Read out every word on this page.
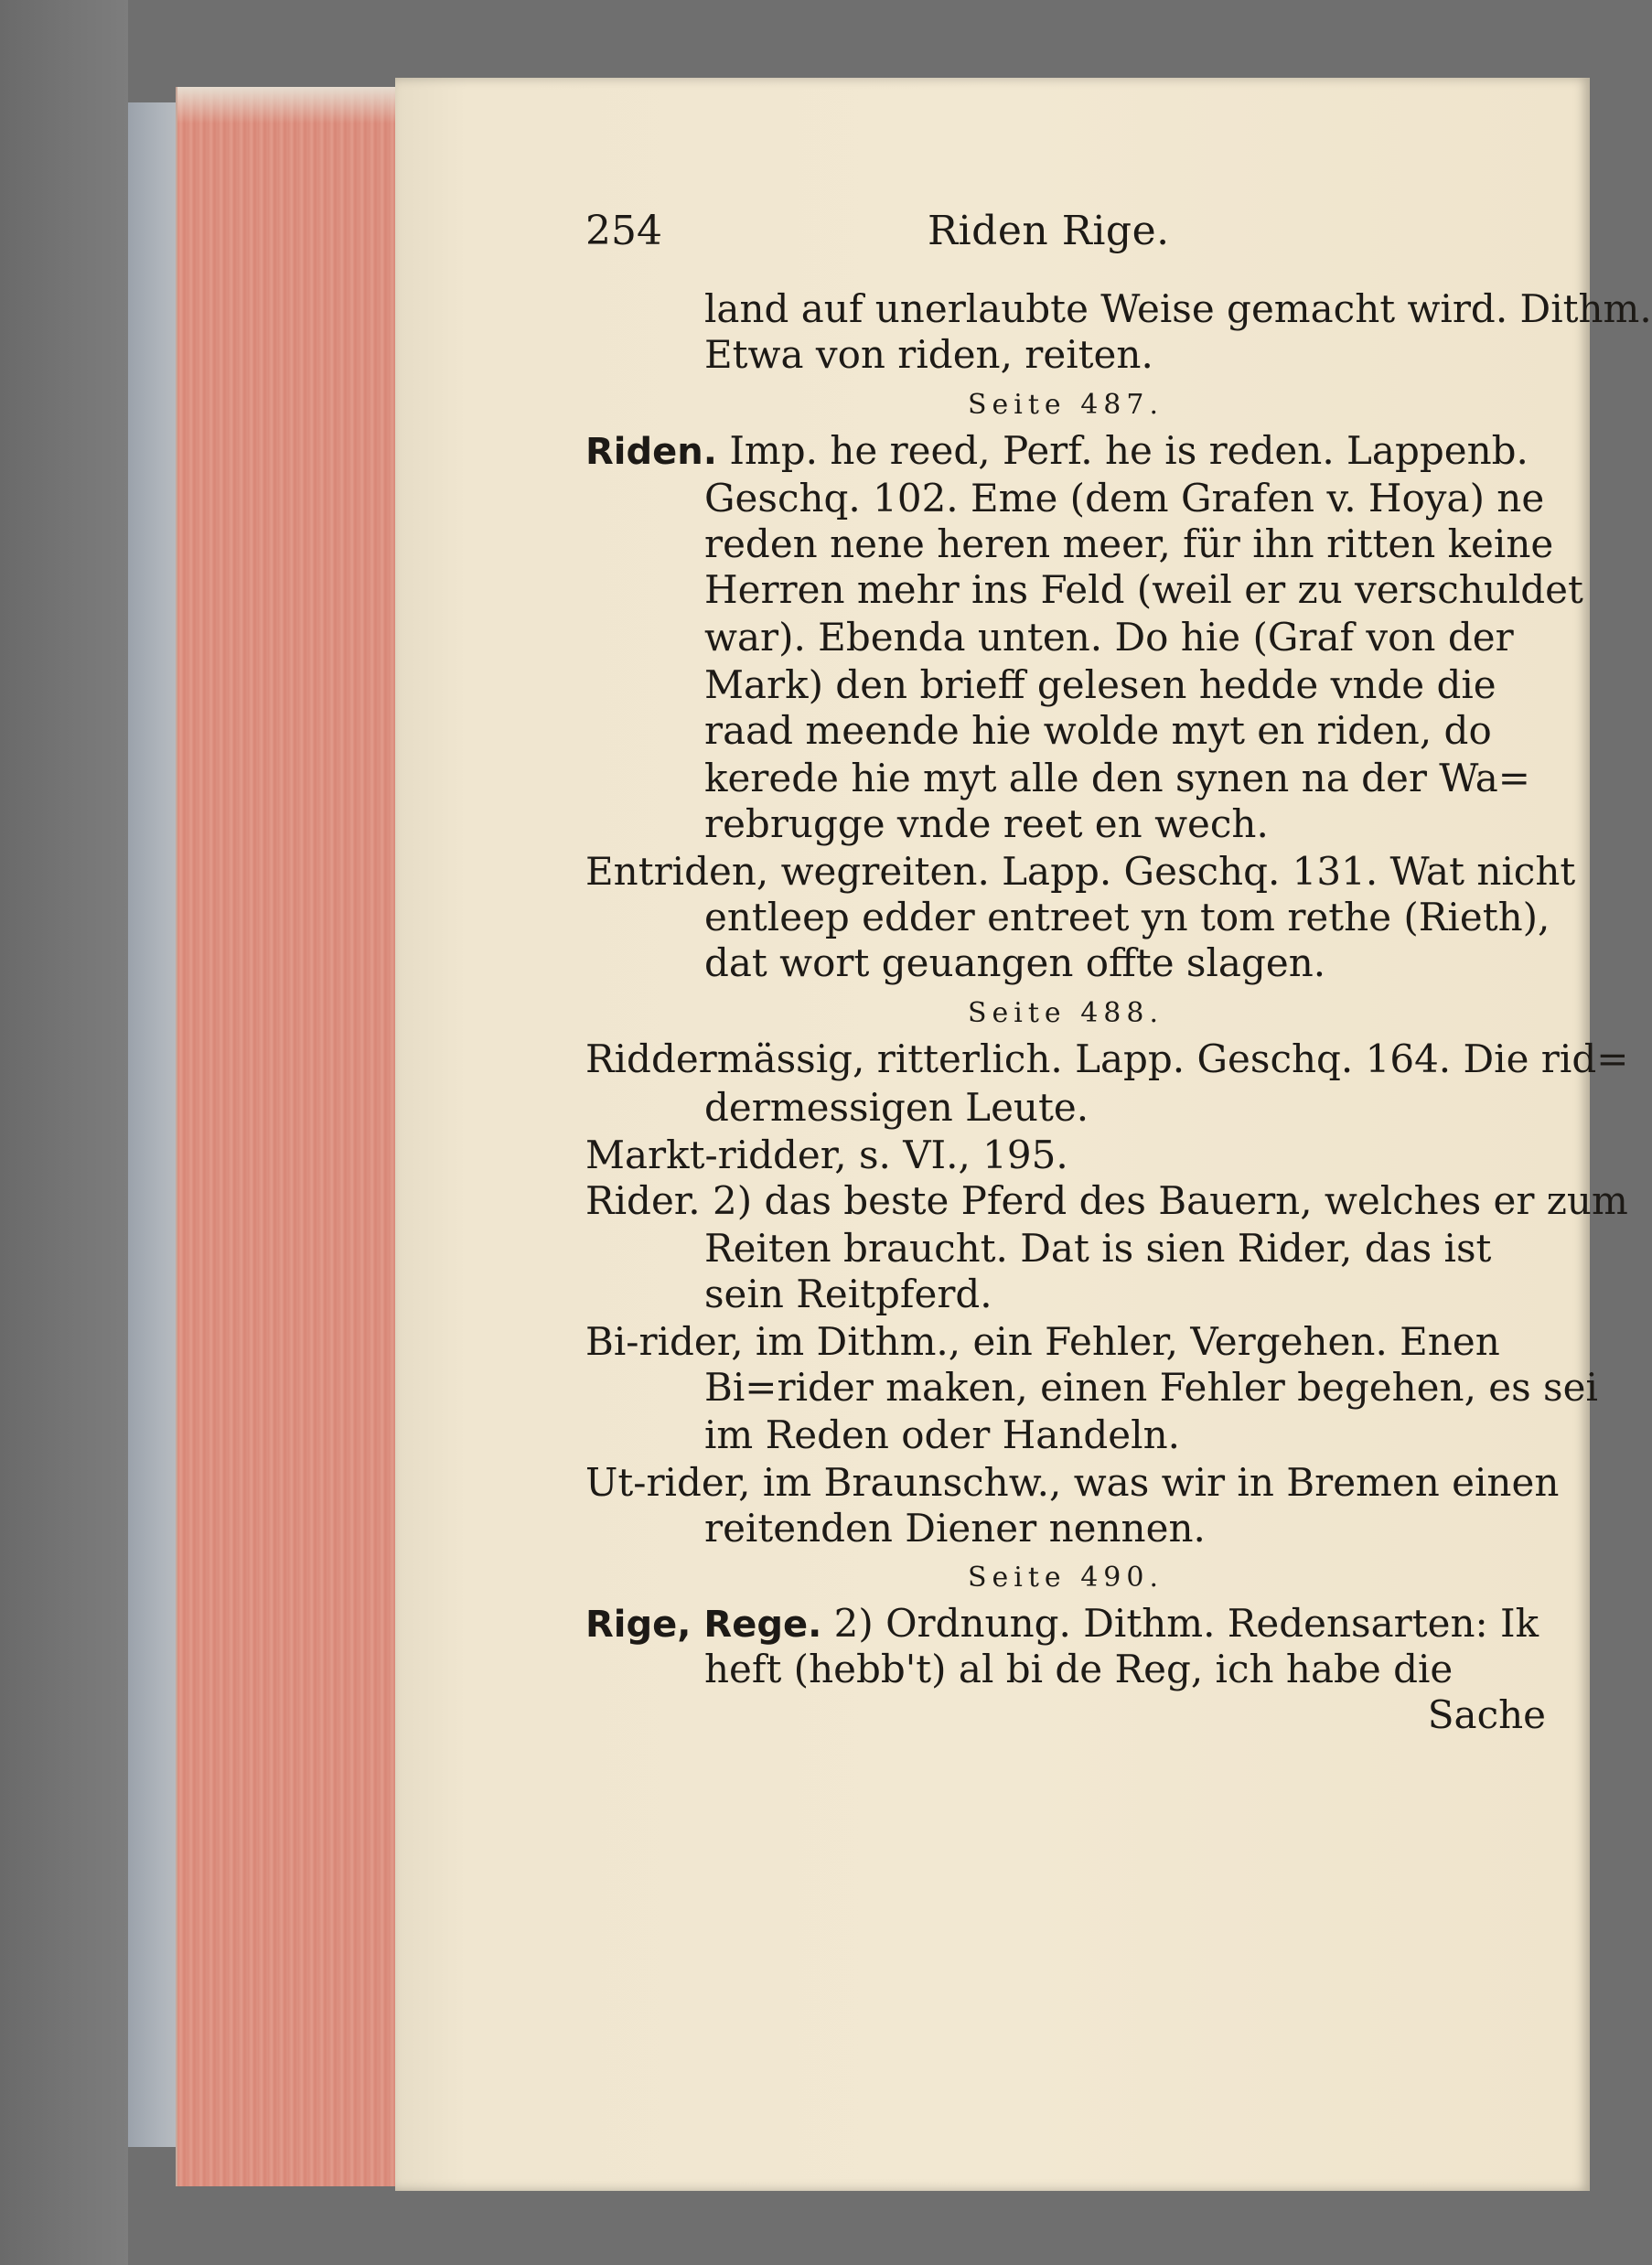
254	Riden Rige.
land auf unerlaubte Weise gemacht wird. Dithm.
Etwa von riden, reiten.
Seite 487.
Riden. Imp. he reed, Perf. he is reden. Lappenb.
Geschq. 102. Eme (dem Grafen v. Hoya) ne
reden nene heren meer, für ihn ritten keine
Herren mehr ins Feld (weil er zu verschuldet
war). Ebenda unten. Do hie (Graf von der
Mark) den brieff gelesen hedde vnde die
raad meende hie wolde myt en riden, do
kerede hie myt alle den synen na der Wa=
rebrugge vnde reet en wech.
Entriden, wegreiten. Lapp. Geschq. 131. Wat nicht
entleep edder entreet yn tom rethe (Rieth),
dat wort geuangen offte slagen.
Seite 488.
Riddermässig, ritterlich. Lapp. Geschq. 164. Die rid=
dermessigen Leute.
Markt-ridder, s. VI., 195.
Rider. 2) das beste Pferd des Bauern, welches er zum
Reiten braucht. Dat is sien Rider, das ist
sein Reitpferd.
Bi-rider, im Dithm., ein Fehler, Vergehen. Enen
Bi=rider maken, einen Fehler begehen, es sei
im Reden oder Handeln.
Ut-rider, im Braunschw., was wir in Bremen einen
reitenden Diener nennen.
Seite 490.
Rige, Rege. 2) Ordnung. Dithm. Redensarten: Ik
heft (hebb't) al bi de Reg, ich habe die
Sache
